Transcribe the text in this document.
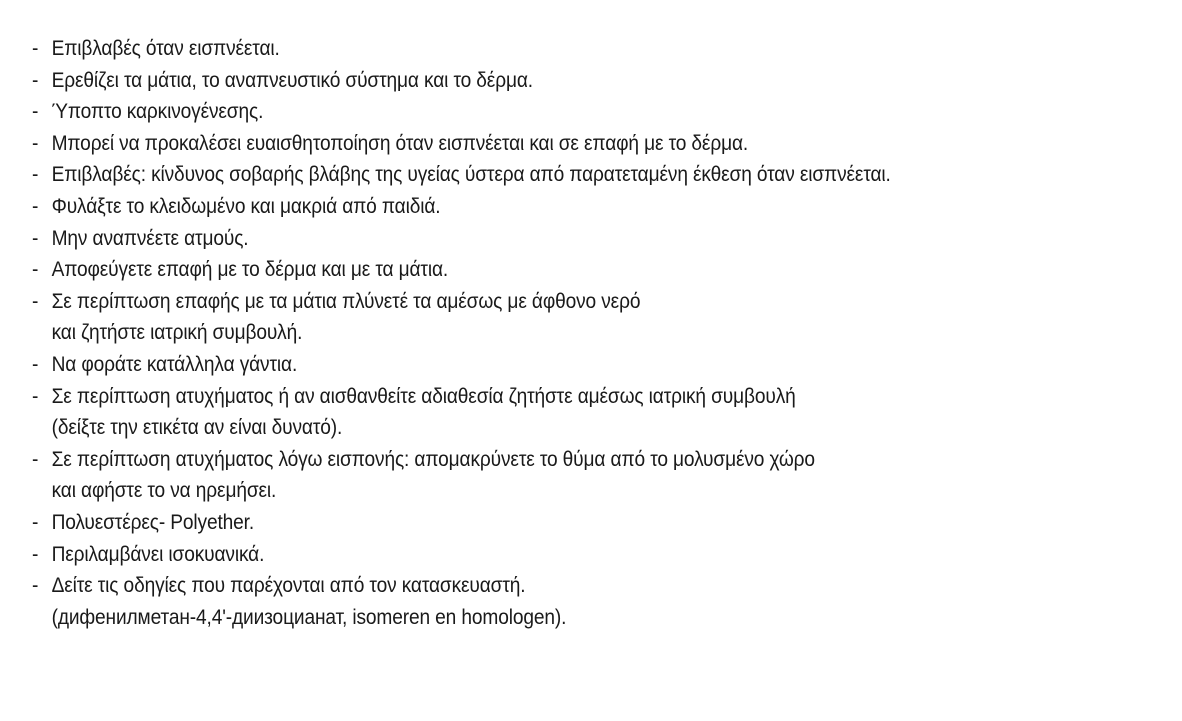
- Επιβλαβές όταν εισπνέεται.
- Ερεθίζει τα μάτια, το αναπνευστικό σύστημα και το δέρμα.
- Ύποπτο καρκινογένεσης.
- Μπορεί να προκαλέσει ευαισθητοποίηση όταν εισπνέεται και σε επαφή με το δέρμα.
- Επιβλαβές: κίνδυνος σοβαρής βλάβης της υγείας ύστερα από παρατεταμένη έκθεση όταν εισπνέεται.
- Φυλάξτε το κλειδωμένο και μακριά από παιδιά.
- Μην αναπνέετε ατμούς.
- Αποφεύγετε επαφή με το δέρμα και με τα μάτια.
- Σε περίπτωση επαφής με τα μάτια πλύνετέ τα αμέσως με άφθονο νερό
και ζητήστε ιατρική συμβουλή.
- Να φοράτε κατάλληλα γάντια.
- Σε περίπτωση ατυχήματος ή αν αισθανθείτε αδιαθεσία ζητήστε αμέσως ιατρική συμβουλή
(δείξτε την ετικέτα αν είναι δυνατό).
- Σε περίπτωση ατυχήματος λόγω εισπονής: απομακρύνετε το θύμα από το μολυσμένο χώρο
και αφήστε το να ηρεμήσει.
- Πολυεστέρες- Polyether.
- Περιλαμβάνει ισοκυανικά.
- Δείτε τις οδηγίες που παρέχονται από τον κατασκευαστή.
(дифенилметан-4,4'-диизоцианат, isomeren en homologen).
